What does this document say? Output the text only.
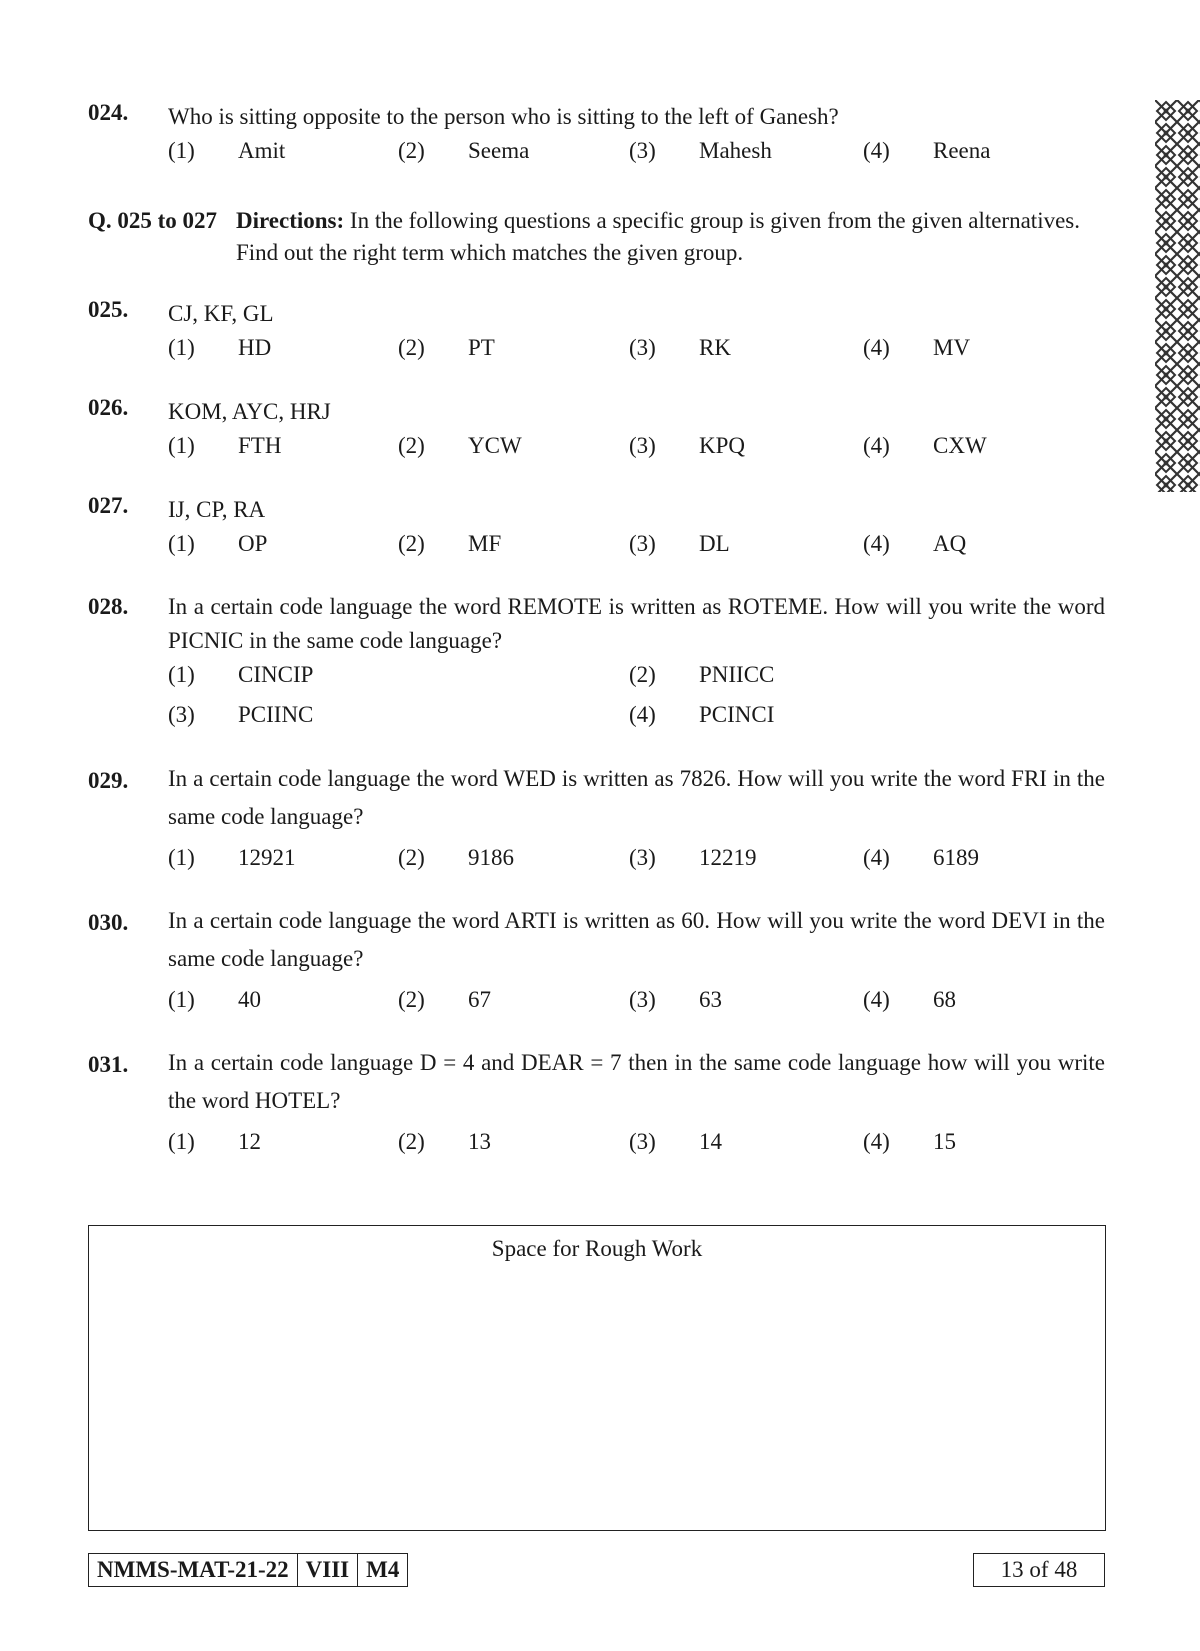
024. Who is sitting opposite to the person who is sitting to the left of Ganesh?
(1) Amit	(2) Seema	(3) Mahesh	(4) Reena
Q. 025 to 027 Directions: In the following questions a specific group is given from the given alternatives. Find out the right term which matches the given group.
025. CJ, KF, GL
(1) HD	(2) PT	(3) RK	(4) MV
026. KOM, AYC, HRJ
(1) FTH	(2) YCW	(3) KPQ	(4) CXW
027. IJ, CP, RA
(1) OP	(2) MF	(3) DL	(4) AQ
028. In a certain code language the word REMOTE is written as ROTEME. How will you write the word PICNIC in the same code language?
(1) CINCIP	(2) PNIICC
(3) PCIINC	(4) PCINCI
029. In a certain code language the word WED is written as 7826. How will you write the word FRI in the same code language?
(1) 12921	(2) 9186	(3) 12219	(4) 6189
030. In a certain code language the word ARTI is written as 60. How will you write the word DEVI in the same code language?
(1) 40	(2) 67	(3) 63	(4) 68
031. In a certain code language D = 4 and DEAR = 7 then in the same code language how will you write the word HOTEL?
(1) 12	(2) 13	(3) 14	(4) 15
Space for Rough Work
NMMS-MAT-21-22 VIII M4	13 of 48
